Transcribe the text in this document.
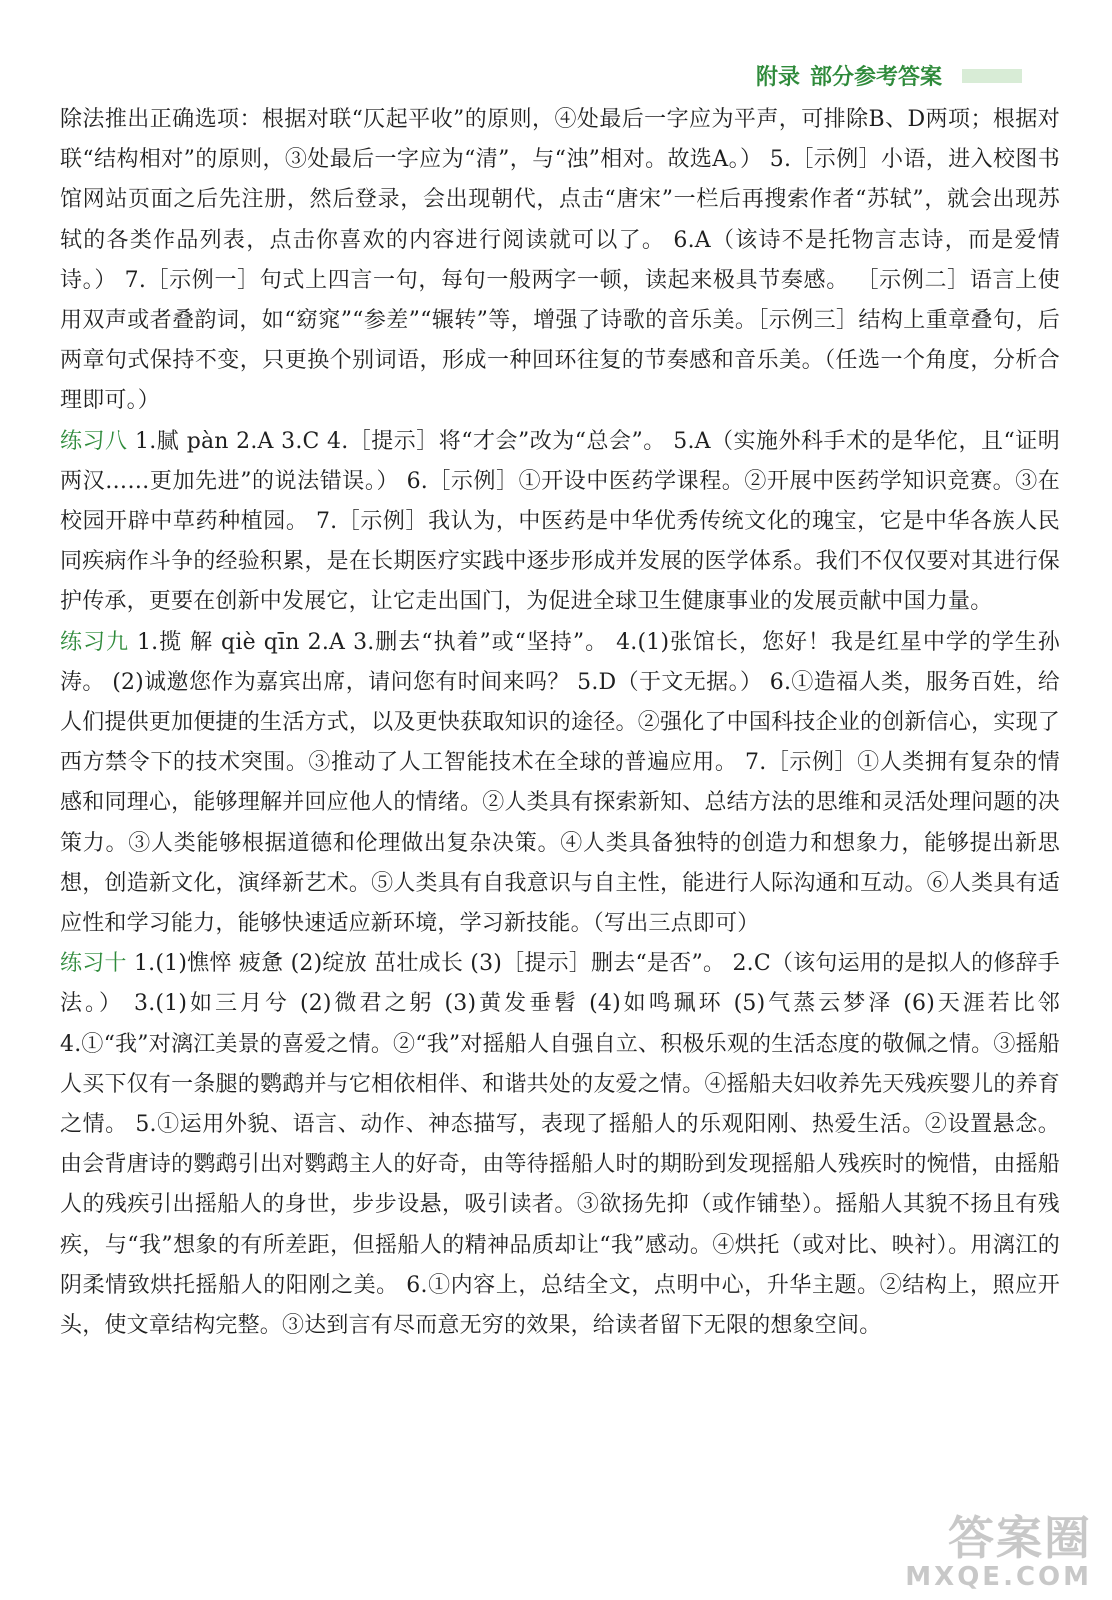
附录 部分参考答案

除法推出正确选项：根据对联“仄起平收”的原则，④处最后一字应为平声，可排除B、D两项；根据对联“结构相对”的原则，③处最后一字应为“清”，与“浊”相对。故选A。） 5.［示例］小语，进入校图书馆网站页面之后先注册，然后登录，会出现朝代，点击“唐宋”一栏后再搜索作者“苏轼”，就会出现苏轼的各类作品列表，点击你喜欢的内容进行阅读就可以了。 6.A（该诗不是托物言志诗，而是爱情诗。） 7.［示例一］句式上四言一句，每句一般两字一顿，读起来极具节奏感。 ［示例二］语言上使用双声或者叠韵词，如“窈窕”“参差”“辗转”等，增强了诗歌的音乐美。［示例三］结构上重章叠句，后两章句式保持不变，只更换个别词语，形成一种回环往复的节奏感和音乐美。（任选一个角度，分析合理即可。）

练习八 1.腻 pàn 2.A 3.C 4.［提示］将“才会”改为“总会”。 5.A（实施外科手术的是华佗，且“证明两汉……更加先进”的说法错误。） 6.［示例］①开设中医药学课程。②开展中医药学知识竞赛。③在校园开辟中草药种植园。 7.［示例］我认为，中医药是中华优秀传统文化的瑰宝，它是中华各族人民同疾病作斗争的经验积累，是在长期医疗实践中逐步形成并发展的医学体系。我们不仅仅要对其进行保护传承，更要在创新中发展它，让它走出国门，为促进全球卫生健康事业的发展贡献中国力量。

练习九 1.揽 解 qiè qīn 2.A 3.删去“执着”或“坚持”。 4.(1)张馆长，您好！我是红星中学的学生孙涛。 (2)诚邀您作为嘉宾出席，请问您有时间来吗？ 5.D（于文无据。） 6.①造福人类，服务百姓，给人们提供更加便捷的生活方式，以及更快获取知识的途径。②强化了中国科技企业的创新信心，实现了西方禁令下的技术突围。③推动了人工智能技术在全球的普遍应用。 7.［示例］①人类拥有复杂的情感和同理心，能够理解并回应他人的情绪。②人类具有探索新知、总结方法的思维和灵活处理问题的决策力。③人类能够根据道德和伦理做出复杂决策。④人类具备独特的创造力和想象力，能够提出新思想，创造新文化，演绎新艺术。⑤人类具有自我意识与自主性，能进行人际沟通和互动。⑥人类具有适应性和学习能力，能够快速适应新环境，学习新技能。（写出三点即可）

练习十 1.(1)憔悴 疲惫 (2)绽放 茁壮成长 (3)［提示］删去“是否”。 2.C（该句运用的是拟人的修辞手法。） 3.(1)如三月兮 (2)微君之躬 (3)黄发垂髫 (4)如鸣珮环 (5)气蒸云梦泽 (6)天涯若比邻 4.①“我”对漓江美景的喜爱之情。②“我”对摇船人自强自立、积极乐观的生活态度的敬佩之情。③摇船人买下仅有一条腿的鹦鹉并与它相依相伴、和谐共处的友爱之情。④摇船夫妇收养先天残疾婴儿的养育之情。 5.①运用外貌、语言、动作、神态描写，表现了摇船人的乐观阳刚、热爱生活。②设置悬念。由会背唐诗的鹦鹉引出对鹦鹉主人的好奇，由等待摇船人时的期盼到发现摇船人残疾时的惋惜，由摇船人的残疾引出摇船人的身世，步步设悬，吸引读者。③欲扬先抑（或作铺垫）。摇船人其貌不扬且有残疾，与“我”想象的有所差距，但摇船人的精神品质却让“我”感动。④烘托（或对比、映衬）。用漓江的阴柔情致烘托摇船人的阳刚之美。 6.①内容上，总结全文，点明中心，升华主题。②结构上，照应开头，使文章结构完整。③达到言有尽而意无穷的效果，给读者留下无限的想象空间。

答案圈
MXQE.COM
